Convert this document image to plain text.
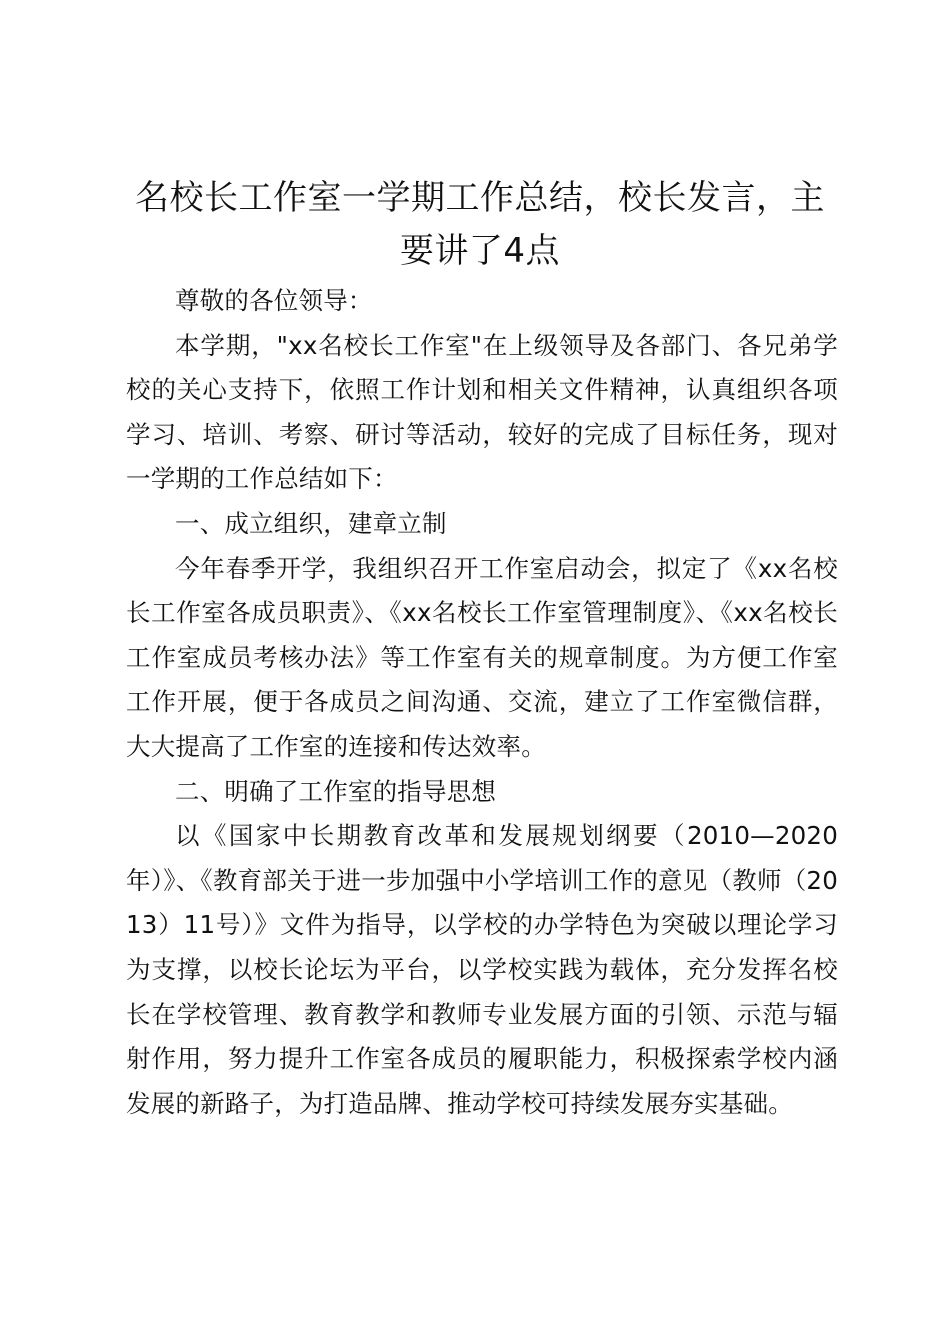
名校长工作室一学期工作总结，校长发言，主要讲了4点

尊敬的各位领导：

本学期，"xx名校长工作室"在上级领导及各部门、各兄弟学校的关心支持下，依照工作计划和相关文件精神，认真组织各项学习、培训、考察、研讨等活动，较好的完成了目标任务，现对一学期的工作总结如下：

一、成立组织，建章立制

今年春季开学，我组织召开工作室启动会，拟定了《xx名校长工作室各成员职责》、《xx名校长工作室管理制度》、《xx名校长工作室成员考核办法》等工作室有关的规章制度。为方便工作室工作开展，便于各成员之间沟通、交流，建立了工作室微信群，大大提高了工作室的连接和传达效率。

二、明确了工作室的指导思想

以《国家中长期教育改革和发展规划纲要（2010—2020年）》、《教育部关于进一步加强中小学培训工作的意见（教师（2013）11号）》文件为指导，以学校的办学特色为突破以理论学习为支撑，以校长论坛为平台，以学校实践为载体，充分发挥名校长在学校管理、教育教学和教师专业发展方面的引领、示范与辐射作用，努力提升工作室各成员的履职能力，积极探索学校内涵发展的新路子，为打造品牌、推动学校可持续发展夯实基础。
